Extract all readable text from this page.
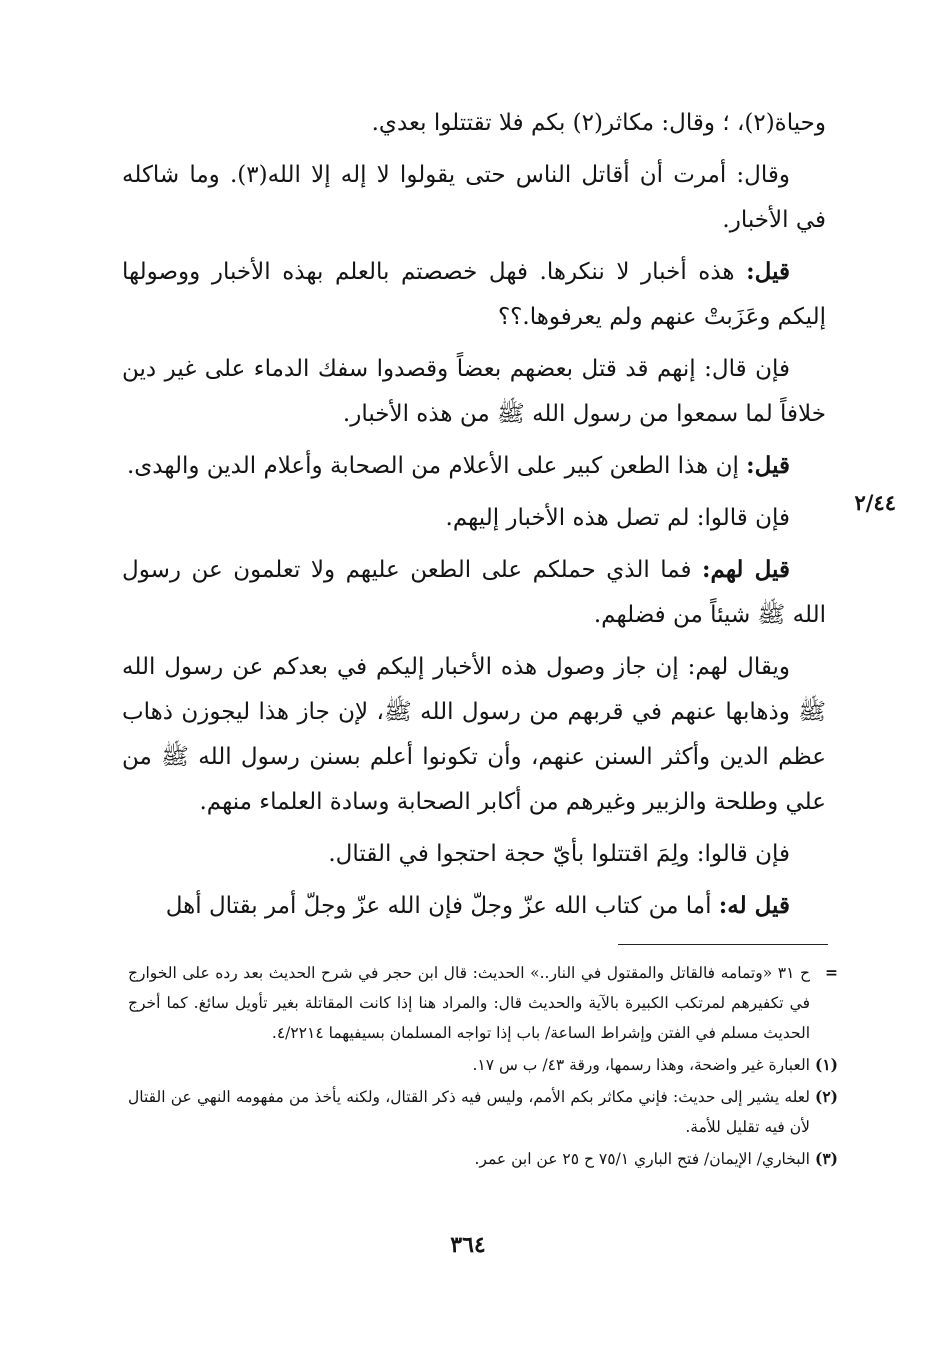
٢/٤٤

وحياة(٢)، ؛ وقال: مكاثر(٢) بكم فلا تقتتلوا بعدي.

وقال: أمرت أن أقاتل الناس حتى يقولوا لا إله إلا الله(٣). وما شاكله في الأخبار.

قيل: هذه أخبار لا ننكرها. فهل خصصتم بالعلم بهذه الأخبار ووصولها إليكم وعَزَبتْ عنهم ولم يعرفوها.؟؟

فإن قال: إنهم قد قتل بعضهم بعضاً وقصدوا سفك الدماء على غير دين خلافاً لما سمعوا من رسول الله ﷺ من هذه الأخبار.

قيل: إن هذا الطعن كبير على الأعلام من الصحابة وأعلام الدين والهدى.

فإن قالوا: لم تصل هذه الأخبار إليهم.

قيل لهم: فما الذي حملكم على الطعن عليهم ولا تعلمون عن رسول الله ﷺ شيئاً من فضلهم.

ويقال لهم: إن جاز وصول هذه الأخبار إليكم في بعدكم عن رسول الله ﷺ وذهابها عنهم في قربهم من رسول الله ﷺ، لإن جاز هذا ليجوزن ذهاب عظم الدين وأكثر السنن عنهم، وأن تكونوا أعلم بسنن رسول الله ﷺ من علي وطلحة والزبير وغيرهم من أكابر الصحابة وسادة العلماء منهم.

فإن قالوا: ولِمَ اقتتلوا بأيّ حجة احتجوا في القتال.

قيل له: أما من كتاب الله عزّ وجلّ فإن الله عزّ وجلّ أمر بقتال أهل

=
ح ٣١ «وتمامه فالقاتل والمقتول في النار..» الحديث: قال ابن حجر في شرح الحديث بعد رده على الخوارج في تكفيرهم لمرتكب الكبيرة بالآية والحديث قال: والمراد هنا إذا كانت المقاتلة بغير تأويل سائغ. كما أخرج الحديث مسلم في الفتن وإشراط الساعة/ باب إذا تواجه المسلمان بسيفيهما ٤/٢٢١٤.
(١)
العبارة غير واضحة، وهذا رسمها، ورقة ٤٣/ ب س ١٧.
(٢)
لعله يشير إلى حديث: فإني مكاثر بكم الأمم، وليس فيه ذكر القتال، ولكنه يأخذ من مفهومه النهي عن القتال لأن فيه تقليل للأمة.
(٣)
البخاري/ الإيمان/ فتح الباري ٧٥/١ ح ٢٥ عن ابن عمر.
٣٦٤
